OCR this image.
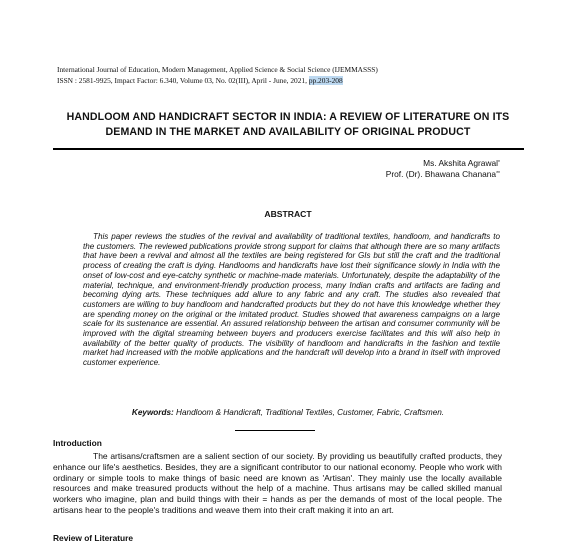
International Journal of Education, Modern Management, Applied Science & Social Science (IJEMMASSS)
ISSN : 2581-9925, Impact Factor: 6.340, Volume 03, No. 02(III), April - June, 2021, pp.203-208
HANDLOOM AND HANDICRAFT SECTOR IN INDIA: A REVIEW OF LITERATURE ON ITS DEMAND IN THE MARKET AND AVAILABILITY OF ORIGINAL PRODUCT
Ms. Akshita Agrawal*
Prof. (Dr). Bhawana Chanana**
ABSTRACT
This paper reviews the studies of the revival and availability of traditional textiles, handloom, and handicrafts to the customers. The reviewed publications provide strong support for claims that although there are so many artifacts that have been a revival and almost all the textiles are being registered for GIs but still the craft and the traditional process of creating the craft is dying. Handlooms and handicrafts have lost their significance slowly in India with the onset of low-cost and eye-catchy synthetic or machine-made materials. Unfortunately, despite the adaptability of the material, technique, and environment-friendly production process, many Indian crafts and artifacts are fading and becoming dying arts. These techniques add allure to any fabric and any craft. The studies also revealed that customers are willing to buy handloom and handcrafted products but they do not have this knowledge whether they are spending money on the original or the imitated product. Studies showed that awareness campaigns on a large scale for its sustenance are essential. An assured relationship between the artisan and consumer community will be improved with the digital streaming between buyers and producers exercise facilitates and this will also help in availability of the better quality of products. The visibility of handloom and handicrafts in the fashion and textile market had increased with the mobile applications and the handcraft will develop into a brand in itself with improved customer experience.
Keywords: Handloom & Handicraft, Traditional Textiles, Customer, Fabric, Craftsmen.
Introduction
The artisans/craftsmen are a salient section of our society. By providing us beautifully crafted products, they enhance our life's aesthetics. Besides, they are a significant contributor to our national economy. People who work with ordinary or simple tools to make things of basic need are known as 'Artisan'. They mainly use the locally available resources and make treasured products without the help of a machine. Thus artisans may be called skilled manual workers who imagine, plan and build things with their = hands as per the demands of most of the local people. The artisans hear to the people's traditions and weave them into their craft making it into an art.
Review of Literature
